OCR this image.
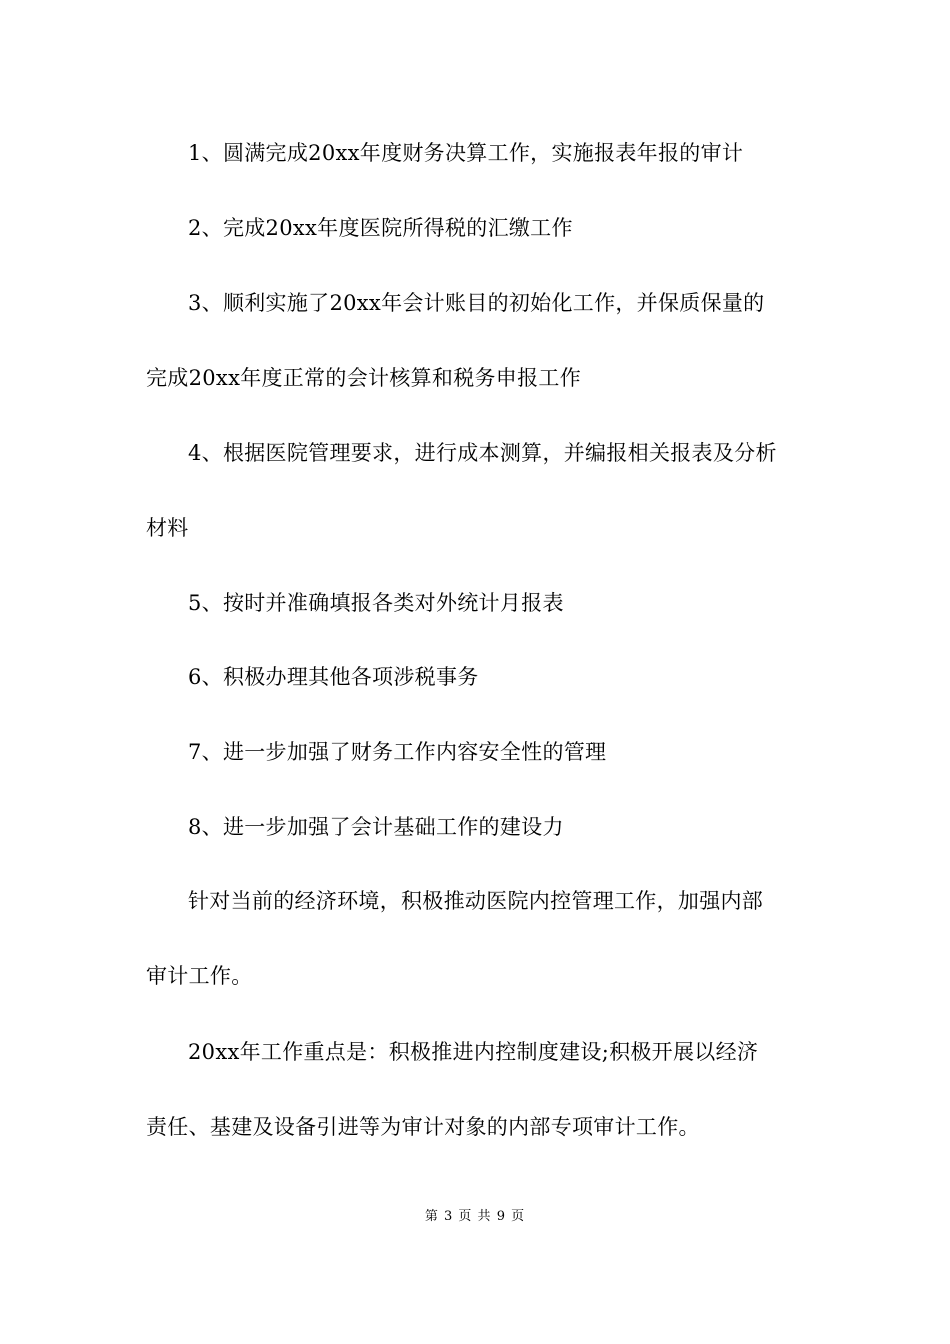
1、圆满完成20xx年度财务决算工作，实施报表年报的审计
2、完成20xx年度医院所得税的汇缴工作
3、顺利实施了20xx年会计账目的初始化工作，并保质保量的
完成20xx年度正常的会计核算和税务申报工作
4、根据医院管理要求，进行成本测算，并编报相关报表及分析
材料
5、按时并准确填报各类对外统计月报表
6、积极办理其他各项涉税事务
7、进一步加强了财务工作内容安全性的管理
8、进一步加强了会计基础工作的建设力
针对当前的经济环境，积极推动医院内控管理工作，加强内部
审计工作。
20xx年工作重点是：积极推进内控制度建设;积极开展以经济
责任、基建及设备引进等为审计对象的内部专项审计工作。
第 3 页 共 9 页
